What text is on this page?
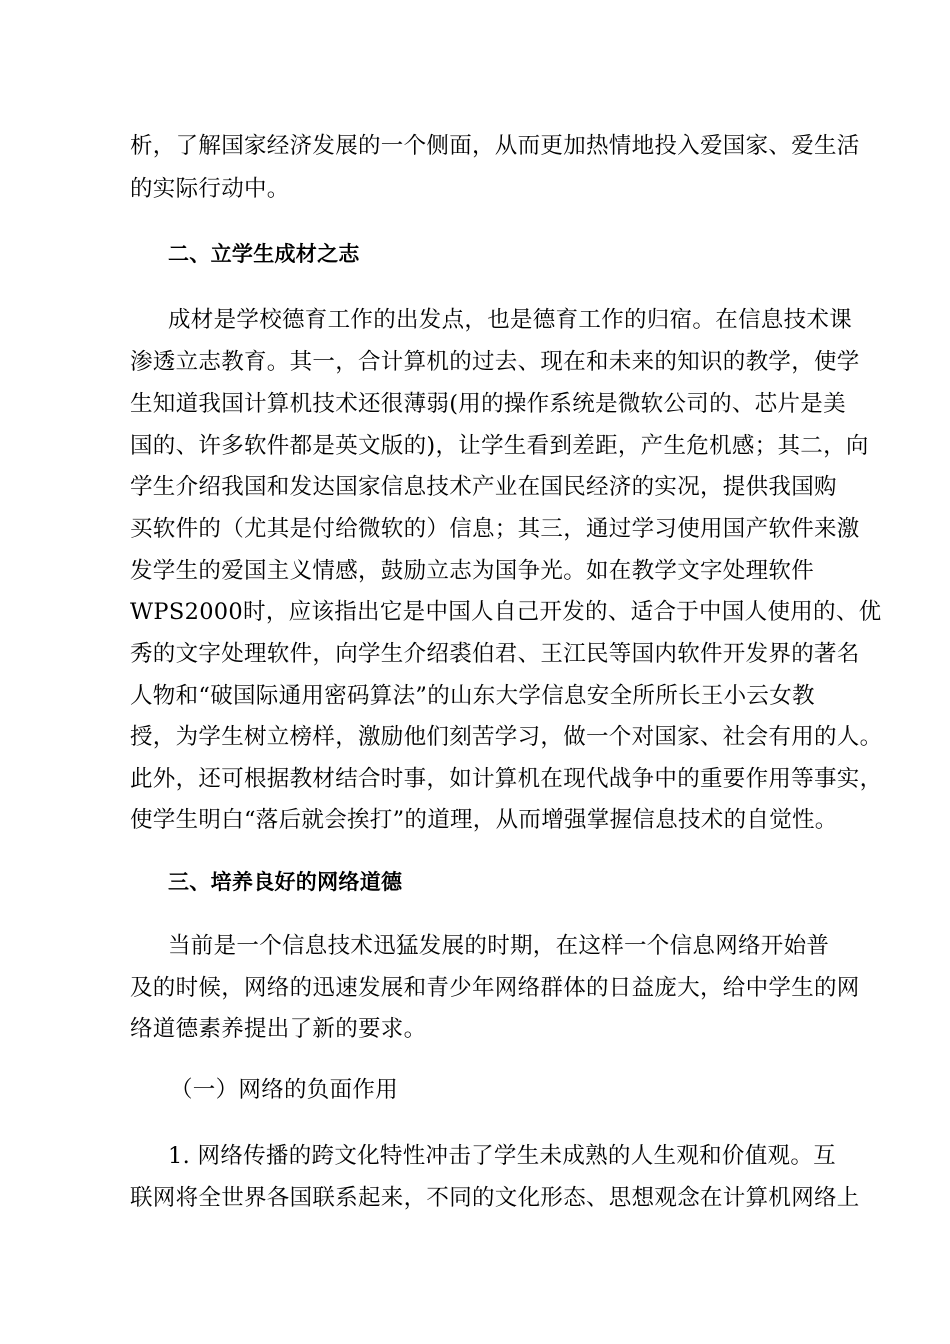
析，了解国家经济发展的一个侧面，从而更加热情地投入爱国家、爱生活
的实际行动中。
二、立学生成材之志
成材是学校德育工作的出发点，也是德育工作的归宿。在信息技术课
渗透立志教育。其一，合计算机的过去、现在和未来的知识的教学，使学
生知道我国计算机技术还很薄弱(用的操作系统是微软公司的、芯片是美
国的、许多软件都是英文版的)，让学生看到差距，产生危机感；其二，向
学生介绍我国和发达国家信息技术产业在国民经济的实况，提供我国购
买软件的（尤其是付给微软的）信息；其三，通过学习使用国产软件来激
发学生的爱国主义情感，鼓励立志为国争光。如在教学文字处理软件
WPS2000时，应该指出它是中国人自己开发的、适合于中国人使用的、优
秀的文字处理软件，向学生介绍裘伯君、王江民等国内软件开发界的著名
人物和“破国际通用密码算法”的山东大学信息安全所所长王小云女教
授，为学生树立榜样，激励他们刻苦学习，做一个对国家、社会有用的人。
此外，还可根据教材结合时事，如计算机在现代战争中的重要作用等事实，
使学生明白“落后就会挨打”的道理，从而增强掌握信息技术的自觉性。
三、培养良好的网络道德
当前是一个信息技术迅猛发展的时期，在这样一个信息网络开始普
及的时候，网络的迅速发展和青少年网络群体的日益庞大，给中学生的网
络道德素养提出了新的要求。
（一）网络的负面作用
1. 网络传播的跨文化特性冲击了学生未成熟的人生观和价值观。互
联网将全世界各国联系起来，不同的文化形态、思想观念在计算机网络上
